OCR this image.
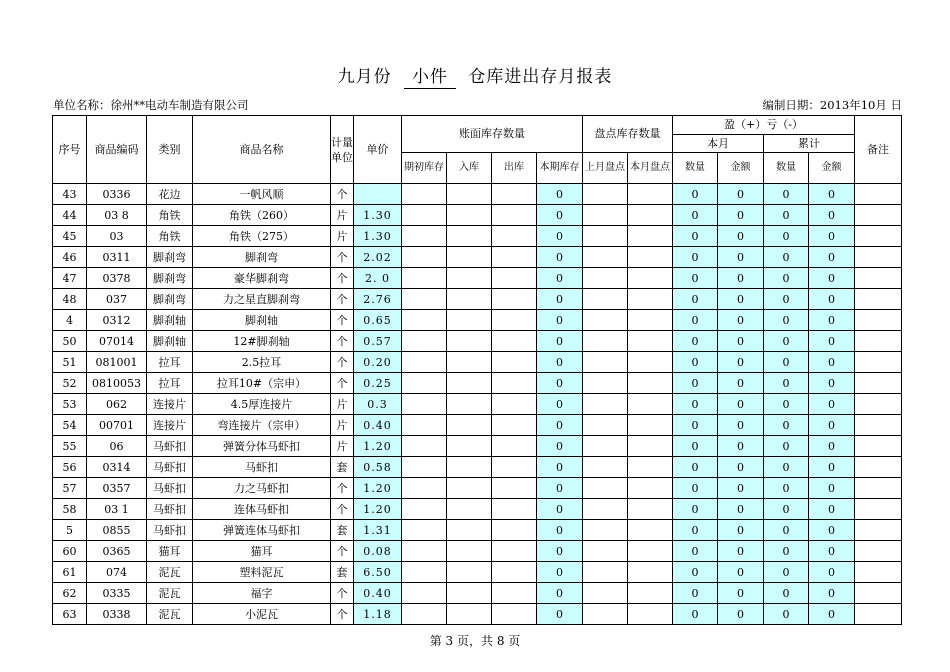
九月份 小件 仓库进出存月报表
单位名称：徐州**电动车制造有限公司	编制日期：2013年10月 日
序号	商品编码	类别	商品名称	计量单位	单价	账面库存数量				盘点库存数量		盈（+）亏（-）				备注
												本月		累计		
						期初库存	入库	出库	本期库存	上月盘点	本月盘点	数量	金额	数量	金额	
43	0336	花边	一帆风顺	个					0			0	0	0	0	
44	03 8	角铁	角铁（260）	片	1.30				0			0	0	0	0	
45	03	角铁	角铁（275）	片	1.30				0			0	0	0	0	
46	0311	脚刹弯	脚刹弯	个	2.02				0			0	0	0	0	
47	0378	脚刹弯	豪华脚刹弯	个	2. 0				0			0	0	0	0	
48	037	脚刹弯	力之星直脚刹弯	个	2.76				0			0	0	0	0	
4	0312	脚刹轴	脚刹轴	个	0.65				0			0	0	0	0	
50	07014	脚刹轴	12#脚刹轴	个	0.57				0			0	0	0	0	
51	081001	拉耳	2.5拉耳	个	0.20				0			0	0	0	0	
52	0810053	拉耳	拉耳10#（宗申）	个	0.25				0			0	0	0	0	
53	062	连接片	4.5厚连接片	片	0.3				0			0	0	0	0	
54	00701	连接片	弯连接片（宗申）	片	0.40				0			0	0	0	0	
55	06	马虾扣	弹簧分体马虾扣	片	1.20				0			0	0	0	0	
56	0314	马虾扣	马虾扣	套	0.58				0			0	0	0	0	
57	0357	马虾扣	力之马虾扣	个	1.20				0			0	0	0	0	
58	03 1	马虾扣	连体马虾扣	个	1.20				0			0	0	0	0	
5	0855	马虾扣	弹簧连体马虾扣	套	1.31				0			0	0	0	0	
60	0365	猫耳	猫耳	个	0.08				0			0	0	0	0	
61	074	泥瓦	塑料泥瓦	套	6.50				0			0	0	0	0	
62	0335	泥瓦	福字	个	0.40				0			0	0	0	0	
63	0338	泥瓦	小泥瓦	个	1.18				0			0	0	0	0	
第 3 页，共 8 页
